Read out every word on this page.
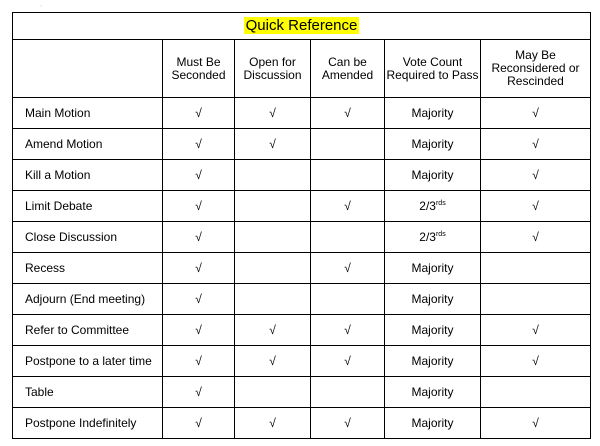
''
Quick Reference					
	Must Be Seconded	Open for Discussion	Can be Amended	Vote Count Required to Pass	May Be Reconsidered or Rescinded
Main Motion	√	√	√	Majority	√
Amend Motion	√	√		Majority	√
Kill a Motion	√			Majority	√
Limit Debate	√		√	$2/3^{rds}$	√
Close Discussion	√			$2/3^{rds}$	√
Recess	√		√	Majority	
Adjourn (End meeting)	√			Majority	
Refer to Committee	√	√	√	Majority	√
Postpone to a later time	√	√	√	Majority	√
Table	√			Majority	
Postpone Indefinitely	√	√	√	Majority	√
